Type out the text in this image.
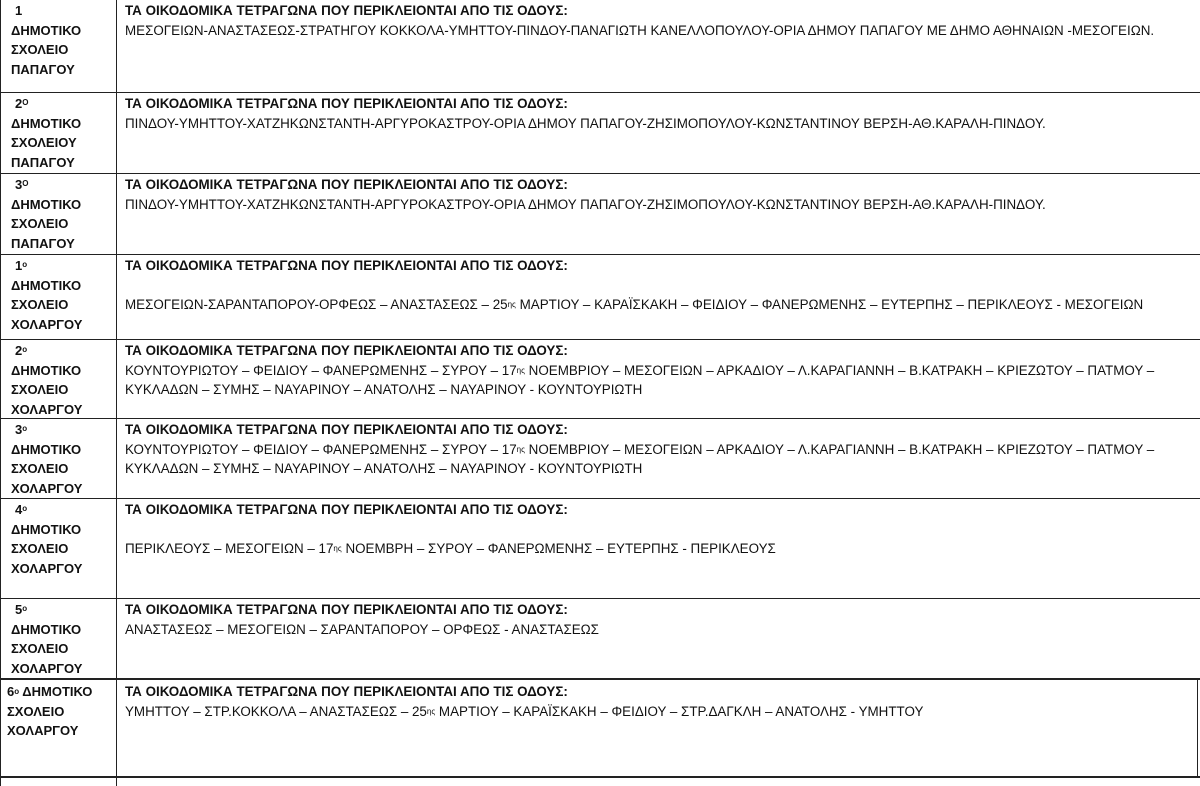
1
ΔΗΜΟΤΙΚΟ
ΣΧΟΛΕΙΟ
ΠΑΠΑΓΟΥ
ΤΑ ΟΙΚΟΔΟΜΙΚΑ ΤΕΤΡΑΓΩΝΑ ΠΟΥ ΠΕΡΙΚΛΕΙΟΝΤΑΙ ΑΠΟ ΤΙΣ ΟΔΟΥΣ:
ΜΕΣΟΓΕΙΩΝ-ΑΝΑΣΤΑΣΕΩΣ-ΣΤΡΑΤΗΓΟΥ ΚΟΚΚΟΛΑ-ΥΜΗΤΤΟΥ-ΠΙΝΔΟΥ-ΠΑΝΑΓΙΩΤΗ ΚΑΝΕΛΛΟΠΟΥΛΟΥ-ΟΡΙΑ ΔΗΜΟΥ ΠΑΠΑΓΟΥ ΜΕ ΔΗΜΟ ΑΘΗΝΑΙΩΝ -ΜΕΣΟΓΕΙΩΝ.
$2^O$
ΔΗΜΟΤΙΚΟ
ΣΧΟΛΕΙΟΥ
ΠΑΠΑΓΟΥ
ΤΑ ΟΙΚΟΔΟΜΙΚΑ ΤΕΤΡΑΓΩΝΑ ΠΟΥ ΠΕΡΙΚΛΕΙΟΝΤΑΙ ΑΠΟ ΤΙΣ ΟΔΟΥΣ:
ΠΙΝΔΟΥ-ΥΜΗΤΤΟΥ-ΧΑΤΖΗΚΩΝΣΤΑΝΤΗ-ΑΡΓΥΡΟΚΑΣΤΡΟΥ-ΟΡΙΑ ΔΗΜΟΥ ΠΑΠΑΓΟΥ-ΖΗΣΙΜΟΠΟΥΛΟΥ-ΚΩΝΣΤΑΝΤΙΝΟΥ ΒΕΡΣΗ-ΑΘ.ΚΑΡΑΛΗ-ΠΙΝΔΟΥ.
$3^O$
ΔΗΜΟΤΙΚΟ
ΣΧΟΛΕΙΟ
ΠΑΠΑΓΟΥ
ΤΑ ΟΙΚΟΔΟΜΙΚΑ ΤΕΤΡΑΓΩΝΑ ΠΟΥ ΠΕΡΙΚΛΕΙΟΝΤΑΙ ΑΠΟ ΤΙΣ ΟΔΟΥΣ:
ΠΙΝΔΟΥ-ΥΜΗΤΤΟΥ-ΧΑΤΖΗΚΩΝΣΤΑΝΤΗ-ΑΡΓΥΡΟΚΑΣΤΡΟΥ-ΟΡΙΑ ΔΗΜΟΥ ΠΑΠΑΓΟΥ-ΖΗΣΙΜΟΠΟΥΛΟΥ-ΚΩΝΣΤΑΝΤΙΝΟΥ ΒΕΡΣΗ-ΑΘ.ΚΑΡΑΛΗ-ΠΙΝΔΟΥ.
$1^o$
ΔΗΜΟΤΙΚΟ
ΣΧΟΛΕΙΟ
ΧΟΛΑΡΓΟΥ
ΤΑ ΟΙΚΟΔΟΜΙΚΑ ΤΕΤΡΑΓΩΝΑ ΠΟΥ ΠΕΡΙΚΛΕΙΟΝΤΑΙ ΑΠΟ ΤΙΣ ΟΔΟΥΣ:
ΜΕΣΟΓΕΙΩΝ-ΣΑΡΑΝΤΑΠΟΡΟΥ-ΟΡΦΕΩΣ – ΑΝΑΣΤΑΣΕΩΣ – $25^{\eta\varsigma}$ ΜΑΡΤΙΟΥ – ΚΑΡΑΪΣΚΑΚΗ – ΦΕΙΔΙΟΥ – ΦΑΝΕΡΩΜΕΝΗΣ – ΕΥΤΕΡΠΗΣ – ΠΕΡΙΚΛΕΟΥΣ - ΜΕΣΟΓΕΙΩΝ
$2^o$
ΔΗΜΟΤΙΚΟ
ΣΧΟΛΕΙΟ
ΧΟΛΑΡΓΟΥ
ΤΑ ΟΙΚΟΔΟΜΙΚΑ ΤΕΤΡΑΓΩΝΑ ΠΟΥ ΠΕΡΙΚΛΕΙΟΝΤΑΙ ΑΠΟ ΤΙΣ ΟΔΟΥΣ:
ΚΟΥΝΤΟΥΡΙΩΤΟΥ – ΦΕΙΔΙΟΥ – ΦΑΝΕΡΩΜΕΝΗΣ – ΣΥΡΟΥ – $17^{\eta\varsigma}$ ΝΟΕΜΒΡΙΟΥ – ΜΕΣΟΓΕΙΩΝ – ΑΡΚΑΔΙΟΥ – Λ.ΚΑΡΑΓΙΑΝΝΗ – Β.ΚΑΤΡΑΚΗ – ΚΡΙΕΖΩΤΟΥ – ΠΑΤΜΟΥ – ΚΥΚΛΑΔΩΝ – ΣΥΜΗΣ – ΝΑΥΑΡΙΝΟΥ – ΑΝΑΤΟΛΗΣ – ΝΑΥΑΡΙΝΟΥ - ΚΟΥΝΤΟΥΡΙΩΤΗ
$3^o$
ΔΗΜΟΤΙΚΟ
ΣΧΟΛΕΙΟ
ΧΟΛΑΡΓΟΥ
ΤΑ ΟΙΚΟΔΟΜΙΚΑ ΤΕΤΡΑΓΩΝΑ ΠΟΥ ΠΕΡΙΚΛΕΙΟΝΤΑΙ ΑΠΟ ΤΙΣ ΟΔΟΥΣ:
ΚΟΥΝΤΟΥΡΙΩΤΟΥ – ΦΕΙΔΙΟΥ – ΦΑΝΕΡΩΜΕΝΗΣ – ΣΥΡΟΥ – $17^{\eta\varsigma}$ ΝΟΕΜΒΡΙΟΥ – ΜΕΣΟΓΕΙΩΝ – ΑΡΚΑΔΙΟΥ – Λ.ΚΑΡΑΓΙΑΝΝΗ – Β.ΚΑΤΡΑΚΗ – ΚΡΙΕΖΩΤΟΥ – ΠΑΤΜΟΥ – ΚΥΚΛΑΔΩΝ – ΣΥΜΗΣ – ΝΑΥΑΡΙΝΟΥ – ΑΝΑΤΟΛΗΣ – ΝΑΥΑΡΙΝΟΥ - ΚΟΥΝΤΟΥΡΙΩΤΗ
$4^o$
ΔΗΜΟΤΙΚΟ
ΣΧΟΛΕΙΟ
ΧΟΛΑΡΓΟΥ
ΤΑ ΟΙΚΟΔΟΜΙΚΑ ΤΕΤΡΑΓΩΝΑ ΠΟΥ ΠΕΡΙΚΛΕΙΟΝΤΑΙ ΑΠΟ ΤΙΣ ΟΔΟΥΣ:
ΠΕΡΙΚΛΕΟΥΣ – ΜΕΣΟΓΕΙΩΝ – $17^{\eta\varsigma}$ ΝΟΕΜΒΡΗ – ΣΥΡΟΥ – ΦΑΝΕΡΩΜΕΝΗΣ – ΕΥΤΕΡΠΗΣ - ΠΕΡΙΚΛΕΟΥΣ
$5^o$
ΔΗΜΟΤΙΚΟ
ΣΧΟΛΕΙΟ
ΧΟΛΑΡΓΟΥ
ΤΑ ΟΙΚΟΔΟΜΙΚΑ ΤΕΤΡΑΓΩΝΑ ΠΟΥ ΠΕΡΙΚΛΕΙΟΝΤΑΙ ΑΠΟ ΤΙΣ ΟΔΟΥΣ:
ΑΝΑΣΤΑΣΕΩΣ – ΜΕΣΟΓΕΙΩΝ – ΣΑΡΑΝΤΑΠΟΡΟΥ – ΟΡΦΕΩΣ - ΑΝΑΣΤΑΣΕΩΣ
$6^o$ ΔΗΜΟΤΙΚΟ
ΣΧΟΛΕΙΟ
ΧΟΛΑΡΓΟΥ
ΤΑ ΟΙΚΟΔΟΜΙΚΑ ΤΕΤΡΑΓΩΝΑ ΠΟΥ ΠΕΡΙΚΛΕΙΟΝΤΑΙ ΑΠΟ ΤΙΣ ΟΔΟΥΣ:
ΥΜΗΤΤΟΥ – ΣΤΡ.ΚΟΚΚΟΛΑ – ΑΝΑΣΤΑΣΕΩΣ – $25^{\eta\varsigma}$ ΜΑΡΤΙΟΥ – ΚΑΡΑΪΣΚΑΚΗ – ΦΕΙΔΙΟΥ – ΣΤΡ.ΔΑΓΚΛΗ – ΑΝΑΤΟΛΗΣ - ΥΜΗΤΤΟΥ
